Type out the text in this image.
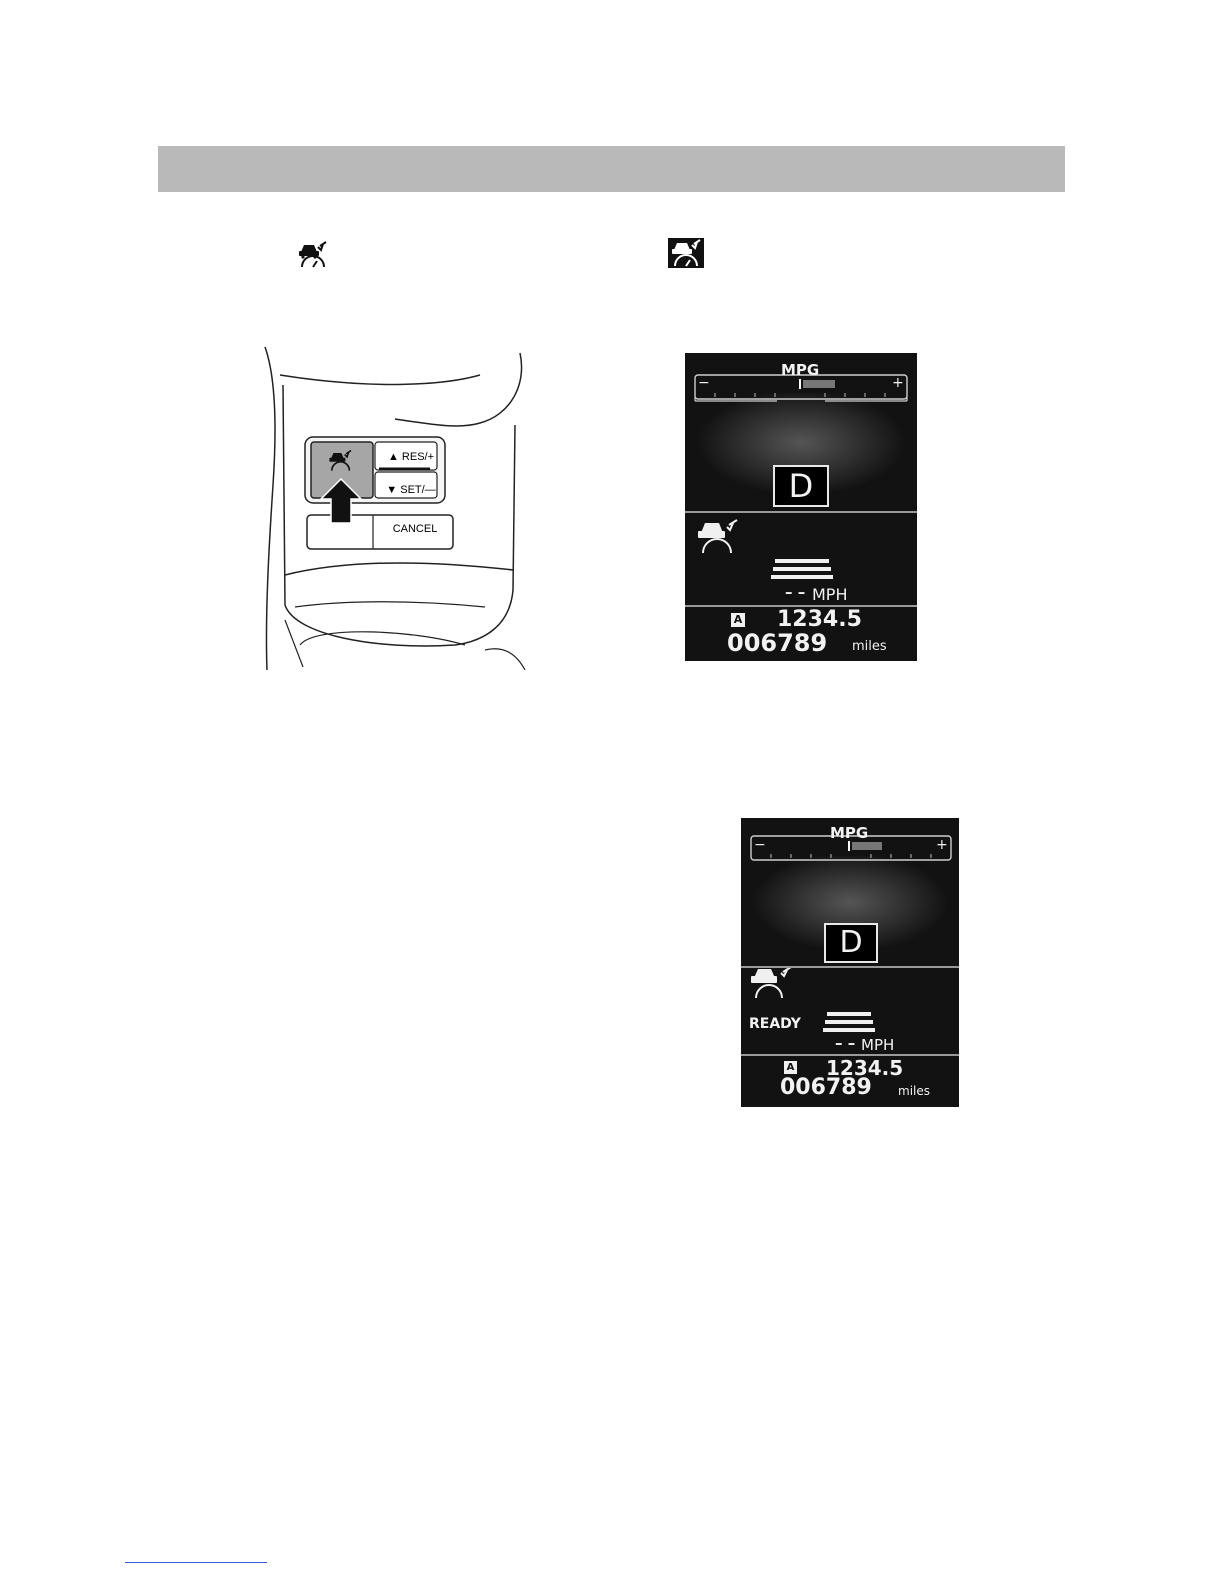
▲ RES/+
▼ SET/—
CANCEL
MPG
−	+
D
– – MPH
A 1234.5
006789 miles
MPG
−	+
D
READY
– – MPH
A 1234.5
006789 miles
